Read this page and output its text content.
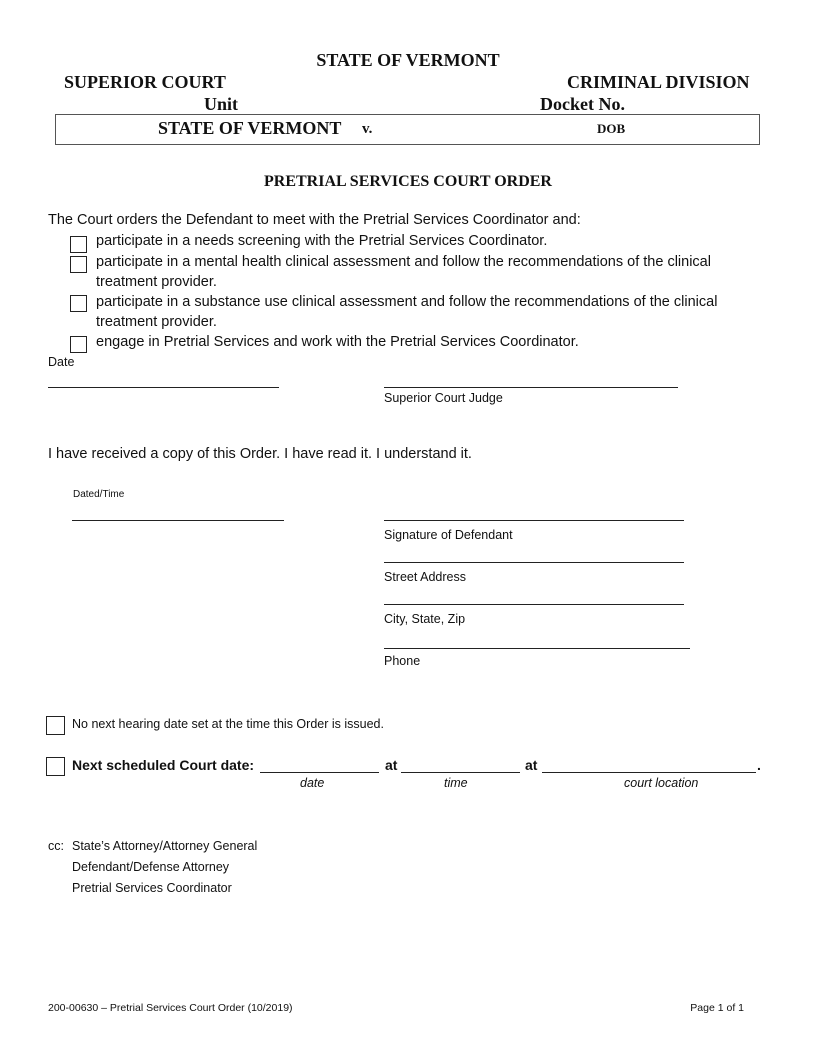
STATE OF VERMONT
SUPERIOR COURT	CRIMINAL DIVISION
Unit	Docket No.
STATE OF VERMONT v.	DOB
PRETRIAL SERVICES COURT ORDER
The Court orders the Defendant to meet with the Pretrial Services Coordinator and:
participate in a needs screening with the Pretrial Services Coordinator.
participate in a mental health clinical assessment and follow the recommendations of the clinical
treatment provider.
participate in a substance use clinical assessment and follow the recommendations of the clinical
treatment provider.
engage in Pretrial Services and work with the Pretrial Services Coordinator.
Date
Superior Court Judge
I have received a copy of this Order. I have read it. I understand it.
Dated/Time
Signature of Defendant
Street Address
City, State, Zip
Phone
No next hearing date set at the time this Order is issued.
Next scheduled Court date:	at	at	.
date	time	court location
cc: State’s Attorney/Attorney General
Defendant/Defense Attorney
Pretrial Services Coordinator
200-00630 – Pretrial Services Court Order (10/2019)	Page 1 of 1
